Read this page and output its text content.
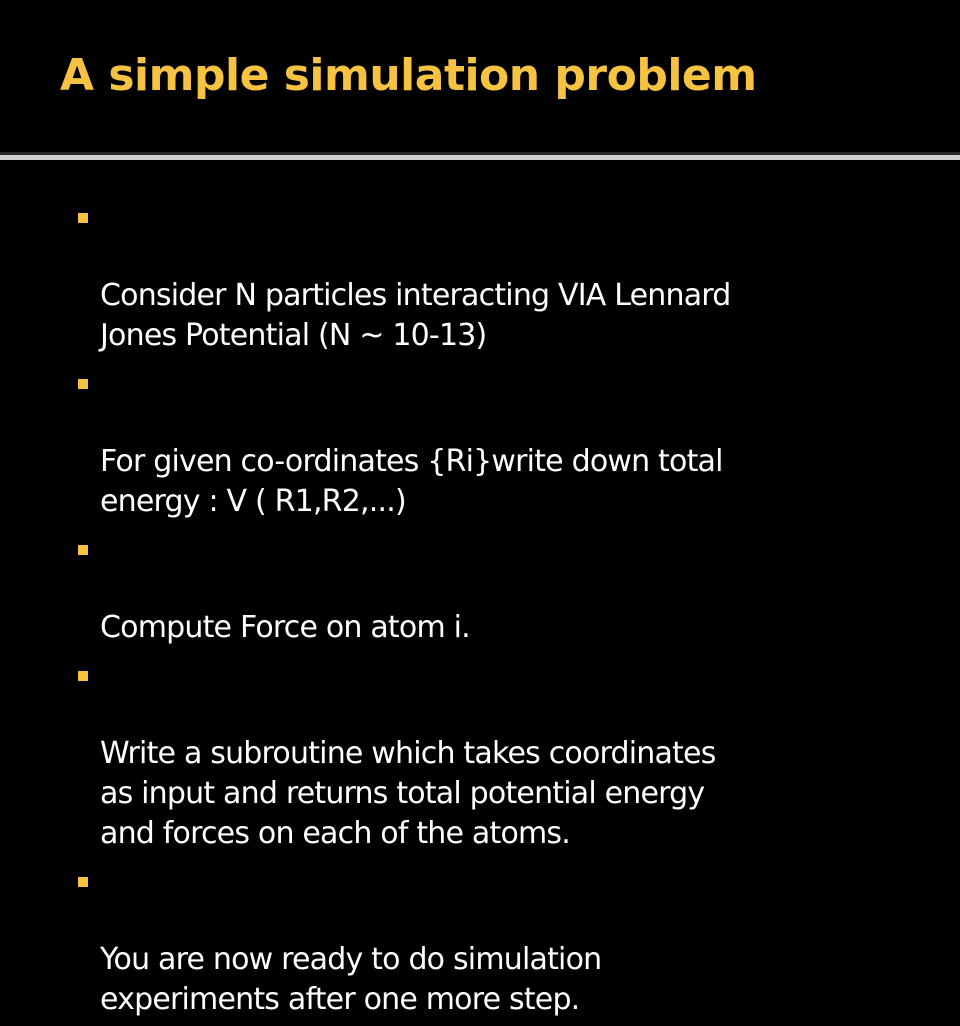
A simple simulation problem

Consider N particles interacting VIA Lennard
Jones Potential (N ~ 10-13)

For given co-ordinates {Ri}write down total
energy : V ( R1,R2,...)

Compute Force on atom i.

Write a subroutine which takes coordinates
as input and returns total potential energy
and forces on each of the atoms.

You are now ready to do simulation
experiments after one more step.
